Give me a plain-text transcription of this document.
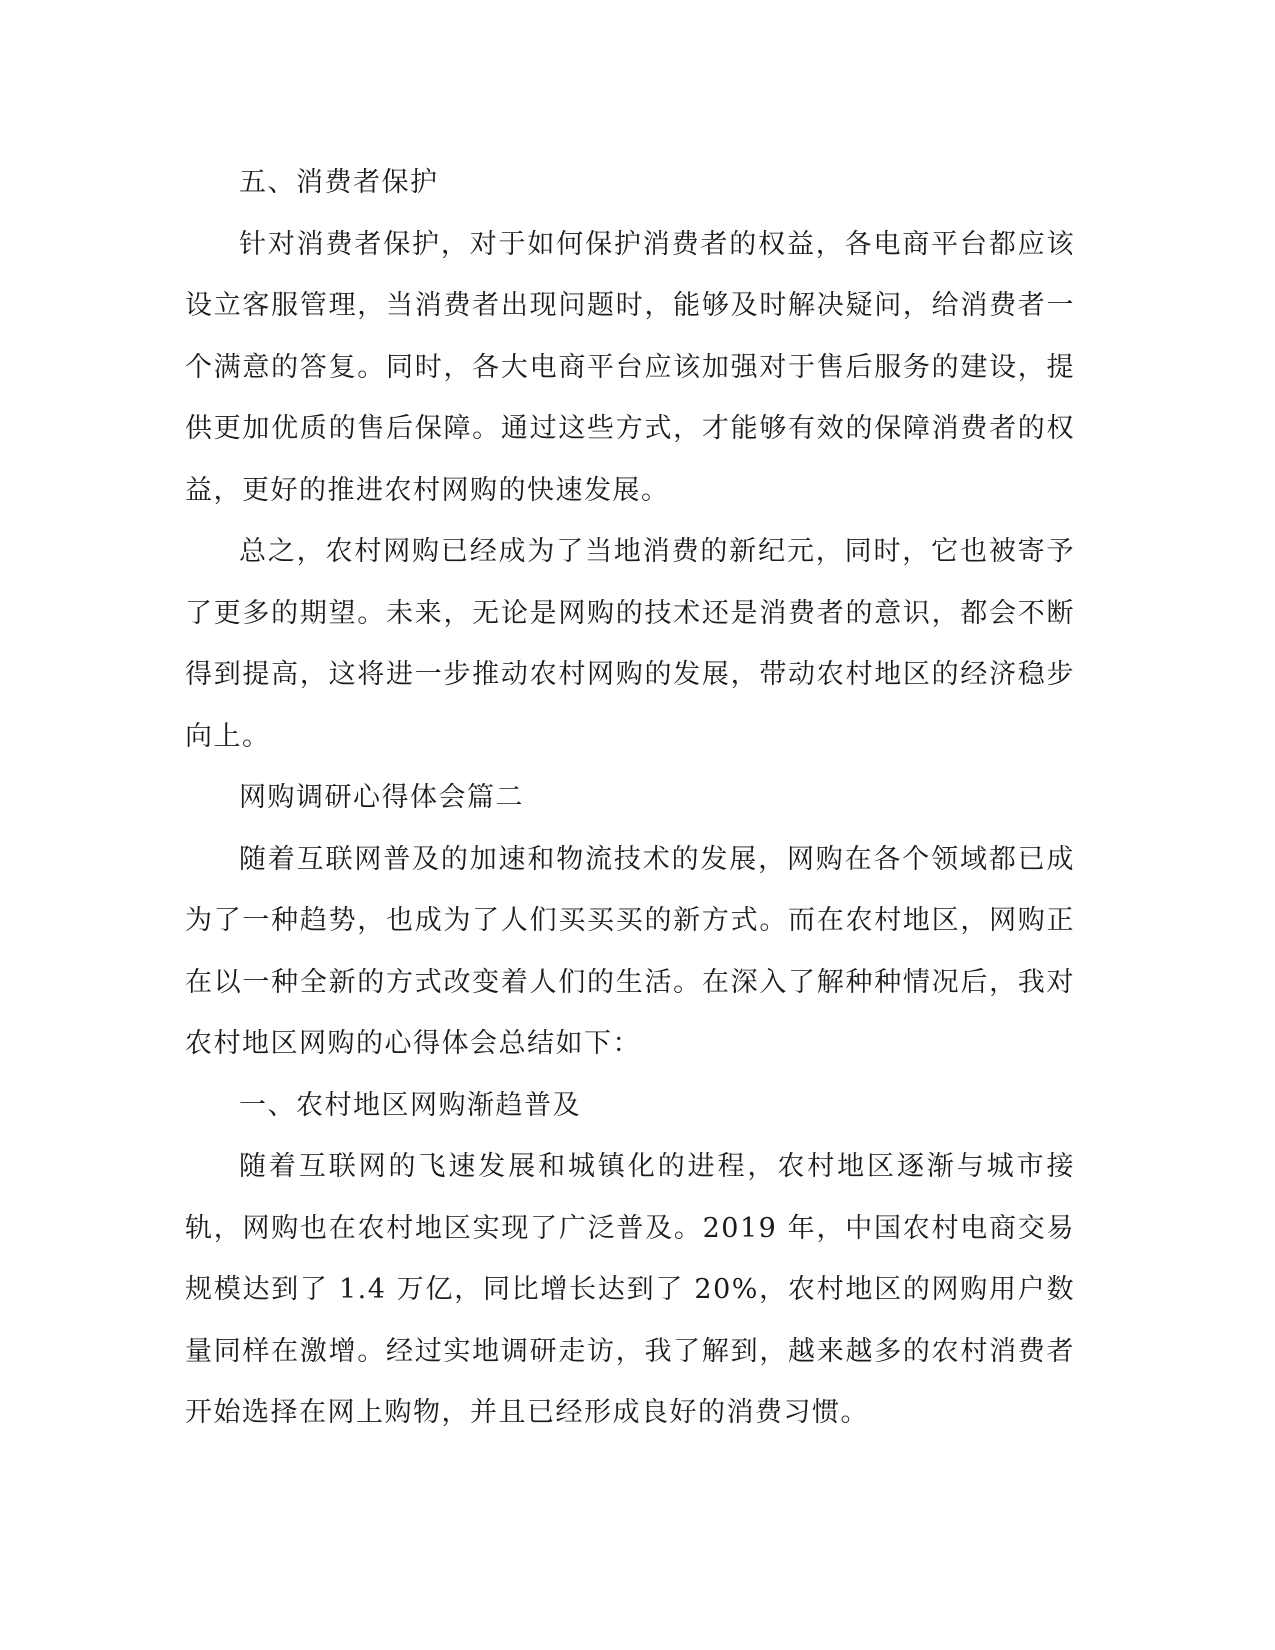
五、消费者保护

针对消费者保护，对于如何保护消费者的权益，各电商平台都应该设立客服管理，当消费者出现问题时，能够及时解决疑问，给消费者一个满意的答复。同时，各大电商平台应该加强对于售后服务的建设，提供更加优质的售后保障。通过这些方式，才能够有效的保障消费者的权益，更好的推进农村网购的快速发展。

总之，农村网购已经成为了当地消费的新纪元，同时，它也被寄予了更多的期望。未来，无论是网购的技术还是消费者的意识，都会不断得到提高，这将进一步推动农村网购的发展，带动农村地区的经济稳步向上。

网购调研心得体会篇二

随着互联网普及的加速和物流技术的发展，网购在各个领域都已成为了一种趋势，也成为了人们买买买的新方式。而在农村地区，网购正在以一种全新的方式改变着人们的生活。在深入了解种种情况后，我对农村地区网购的心得体会总结如下：

一、农村地区网购渐趋普及

随着互联网的飞速发展和城镇化的进程，农村地区逐渐与城市接轨，网购也在农村地区实现了广泛普及。2019 年，中国农村电商交易规模达到了 1.4 万亿，同比增长达到了 20%，农村地区的网购用户数量同样在激增。经过实地调研走访，我了解到，越来越多的农村消费者开始选择在网上购物，并且已经形成良好的消费习惯。
